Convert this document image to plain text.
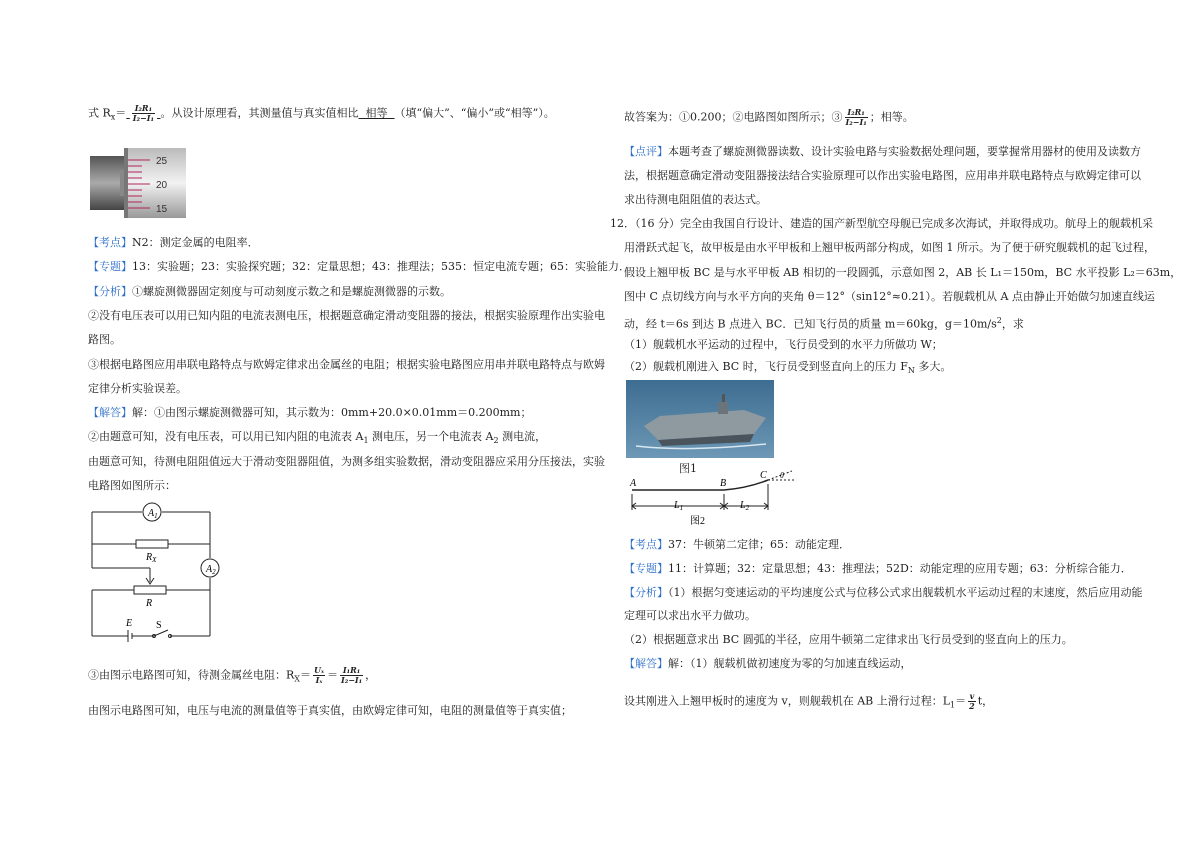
式 $R_x= \frac{\text{I₂R₁}}{\text{I₂−I₁}}$ 。从设计原理看，其测量值与真实值相比 相等 （填“偏大”、“偏小”或“相等”）。
25
20
15
【考点】N2：测定金属的电阻率．
【专题】13：实验题；23：实验探究题；32：定量思想；43：推理法；535：恒定电流专题；65：实验能力．
【分析】①螺旋测微器固定刻度与可动刻度示数之和是螺旋测微器的示数。
②没有电压表可以用已知内阻的电流表测电压，根据题意确定滑动变阻器的接法，根据实验原理作出实验电
路图。
③根据电路图应用串联电路特点与欧姆定律求出金属丝的电阻；根据实验电路图应用串并联电路特点与欧姆
定律分析实验误差。
【解答】解：①由图示螺旋测微器可知，其示数为：0mm+20.0×0.01mm＝0.200mm；
②由题意可知，没有电压表，可以用已知内阻的电流表 $A_1$ 测电压，另一个电流表 $A_2$ 测电流，
由题意可知，待测电阻阻值远大于滑动变阻器阻值，为测多组实验数据，滑动变阻器应采用分压接法，实验
电路图如图所示：
$A_1$
$A_2$
$R_X$
R
E S
③由图示电路图可知，待测金属丝电阻：$R_X= \frac{\text{Uₓ}}{\text{Iₓ}} = \frac{\text{I₁R₁}}{\text{I₂−I₁}}$ ，
由图示电路图可知，电压与电流的测量值等于真实值，由欧姆定律可知，电阻的测量值等于真实值；
故答案为：①0.200；②电路图如图所示；③ $\frac{\text{I₂R₁}}{\text{I₂−I₁}}$ ；相等。
【点评】本题考查了螺旋测微器读数、设计实验电路与实验数据处理问题，要掌握常用器材的使用及读数方
法，根据题意确定滑动变阻器接法结合实验原理可以作出实验电路图，应用串并联电路特点与欧姆定律可以
求出待测电阻阻值的表达式。
12．（16 分）完全由我国自行设计、建造的国产新型航空母舰已完成多次海试，并取得成功。航母上的舰载机采
用滑跃式起飞，故甲板是由水平甲板和上翘甲板两部分构成，如图 1 所示。为了便于研究舰载机的起飞过程，
假设上翘甲板 BC 是与水平甲板 AB 相切的一段圆弧，示意如图 2，AB 长 L₁＝150m，BC 水平投影 L₂＝63m，
图中 C 点切线方向与水平方向的夹角 θ＝12°（sin12°≈0.21）。若舰载机从 A 点由静止开始做匀加速直线运
动，经 t＝6s 到达 B 点进入 BC．已知飞行员的质量 m＝60kg，$g=10m/s^2$，求
（1）舰载机水平运动的过程中，飞行员受到的水平力所做功 W；
（2）舰载机刚进入 BC 时，飞行员受到竖直向上的压力 $F_N$ 多大。
图1
A	B
C θ
$L_1$	$L_2$
图2
【考点】37：牛顿第二定律；65：动能定理．
【专题】11：计算题；32：定量思想；43：推理法；52D：动能定理的应用专题；63：分析综合能力．
【分析】（1）根据匀变速运动的平均速度公式与位移公式求出舰载机水平运动过程的末速度，然后应用动能
定理可以求出水平力做功。
（2）根据题意求出 BC 圆弧的半径，应用牛顿第二定律求出飞行员受到的竖直向上的压力。
【解答】解：（1）舰载机做初速度为零的匀加速直线运动，
设其刚进入上翘甲板时的速度为 v，则舰载机在 AB 上滑行过程：$L_1= \frac{v}{2}$ t，
